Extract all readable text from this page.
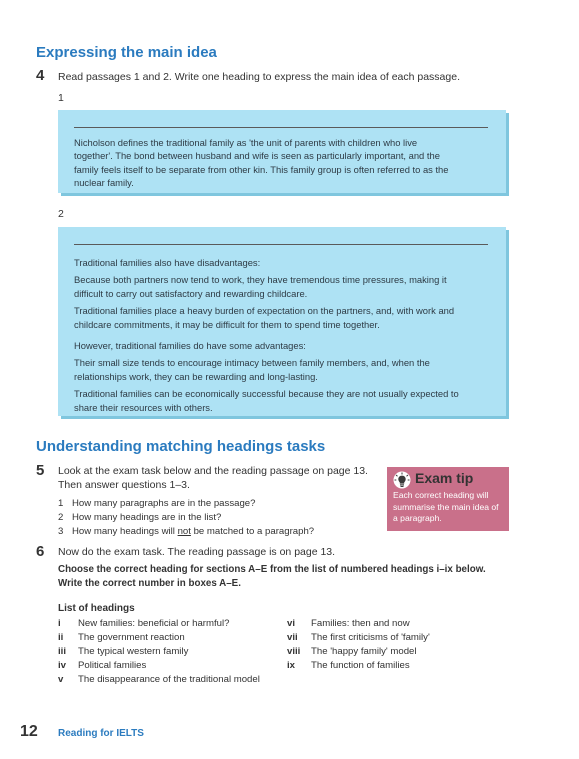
Expressing the main idea
4 Read passages 1 and 2. Write one heading to express the main idea of each passage.
1

Nicholson defines the traditional family as 'the unit of parents with children who live

together'. The bond between husband and wife is seen as particularly important, and the

family feels itself to be separate from other kin. This family group is often referred to as the

nuclear family.

2

Traditional families also have disadvantages:

Because both partners now tend to work, they have tremendous time pressures, making it

difficult to carry out satisfactory and rewarding childcare.

Traditional families place a heavy burden of expectation on the partners, and, with work and

childcare commitments, it may be difficult for them to spend time together.

However, traditional families do have some advantages:

Their small size tends to encourage intimacy between family members, and, when the

relationships work, they can be rewarding and long-lasting.

Traditional families can be economically successful because they are not usually expected to

share their resources with others.

Understanding matching headings tasks
5 Look at the exam task below and the reading passage on page 13.
Then answer questions 1–3.
1 How many paragraphs are in the passage?
2 How many headings are in the list?
3 How many headings will not be matched to a paragraph?
Exam tip
Each correct heading will
summarise the main idea of
a paragraph.
6 Now do the exam task. The reading passage is on page 13.
Choose the correct heading for sections A–E from the list of numbered headings i–ix below.
Write the correct number in boxes A–E.
List of headings
i New families: beneficial or harmful?
ii The government reaction
iii The typical western family
iv Political families
v The disappearance of the traditional model
vi Families: then and now
vii The first criticisms of 'family'
viii The 'happy family' model
ix The function of families
12 Reading for IELTS
